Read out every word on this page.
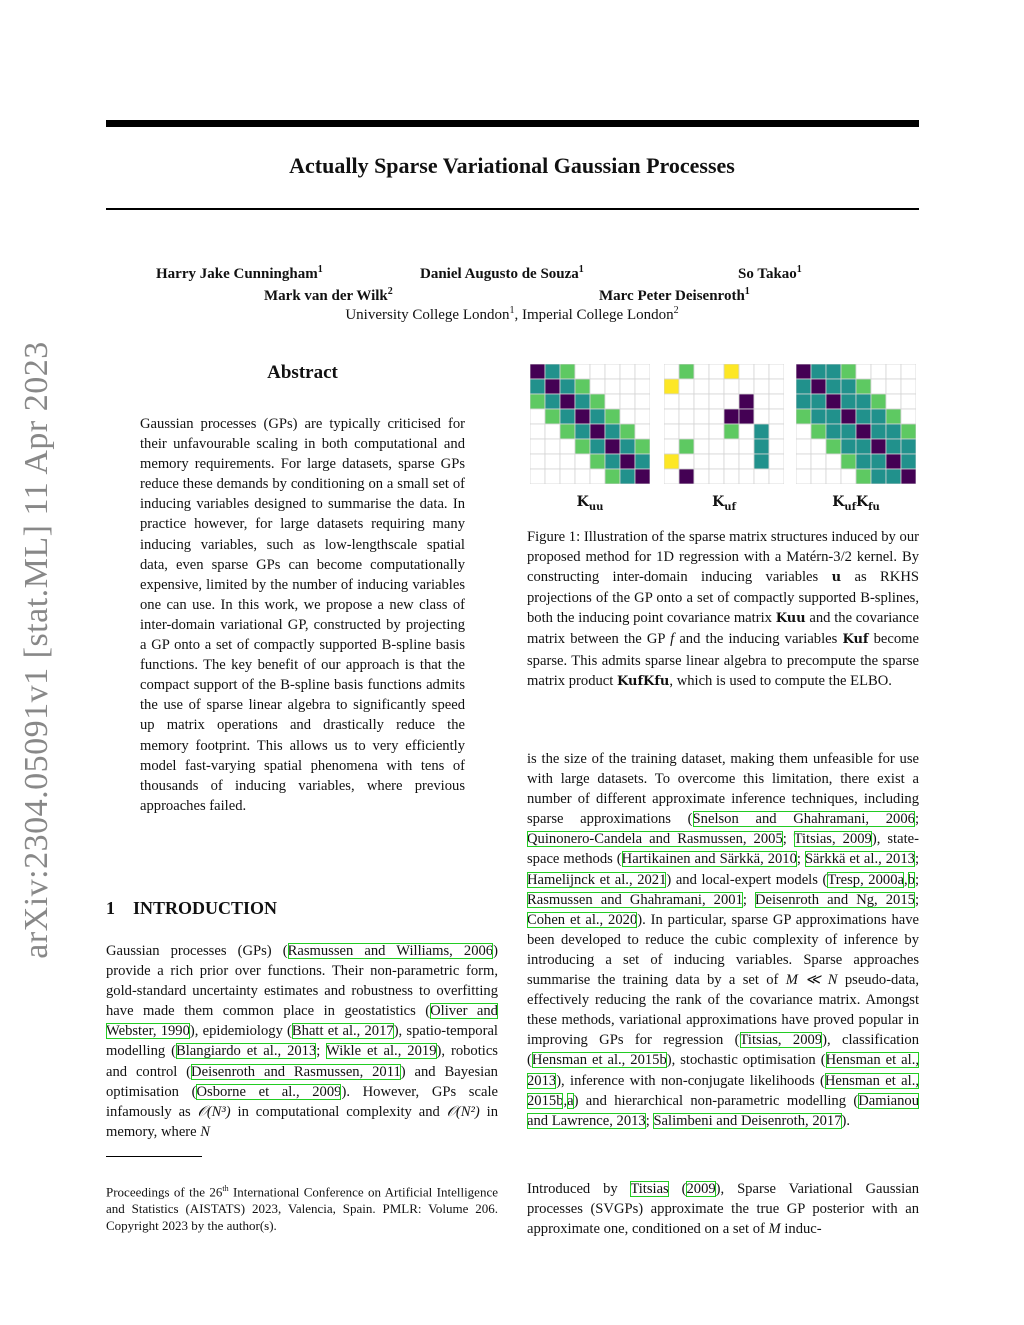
Actually Sparse Variational Gaussian Processes
Harry Jake Cunningham$^1$	Daniel Augusto de Souza$^1$	So Takao$^1$
Mark van der Wilk$^2$	Marc Peter Deisenroth$^1$
University College London$^1$, Imperial College London$^2$
arXiv:2304.05091v1 [stat.ML] 11 Apr 2023	Abstract
Gaussian processes (GPs) are typically criticised for their unfavourable scaling in both computational and memory requirements. For large datasets, sparse GPs reduce these demands by conditioning on a small set of inducing variables designed to summarise the data. In practice however, for large datasets requiring many inducing variables, such as low-lengthscale spatial data, even sparse GPs can become computationally expensive, limited by the number of inducing variables one can use. In this work, we propose a new class of inter-domain variational GP, constructed by projecting a GP onto a set of compactly supported B-spline basis functions. The key benefit of our approach is that the compact support of the B-spline basis functions admits the use of sparse linear algebra to significantly speed up matrix operations and drastically reduce the memory footprint. This allows us to very efficiently model fast-varying spatial phenomena with tens of thousands of inducing variables, where previous approaches failed.
1 INTRODUCTION
Gaussian processes (GPs) (Rasmussen and Williams, 2006) provide a rich prior over functions. Their non-parametric form, gold-standard uncertainty estimates and robustness to overfitting have made them common place in geostatistics (Oliver and Webster, 1990), epidemiology (Bhatt et al., 2017), spatio-temporal modelling (Blangiardo et al., 2013; Wikle et al., 2019), robotics and control (Deisenroth and Rasmussen, 2011) and Bayesian optimisation (Osborne et al., 2009). However, GPs scale infamously as 𝒪(N³) in computational complexity and 𝒪(N²) in memory, where N
Proceedings of the 26th International Conference on Artificial Intelligence and Statistics (AISTATS) 2023, Valencia, Spain. PMLR: Volume 206. Copyright 2023 by the author(s).
$K_{uu}$	$K_{uf}$	$K_{uf}K_{fu}$
Figure 1: Illustration of the sparse matrix structures induced by our proposed method for 1D regression with a Matérn-3/2 kernel. By constructing inter-domain inducing variables u as RKHS projections of the GP onto a set of compactly supported B-splines, both the inducing point covariance matrix Kuu and the covariance matrix between the GP f and the inducing variables Kuf become sparse. This admits sparse linear algebra to precompute the sparse matrix product KufKfu, which is used to compute the ELBO.
is the size of the training dataset, making them unfeasible for use with large datasets. To overcome this limitation, there exist a number of different approximate inference techniques, including sparse approximations (Snelson and Ghahramani, 2006; Quinonero-Candela and Rasmussen, 2005; Titsias, 2009), state-space methods (Hartikainen and Särkkä, 2010; Särkkä et al., 2013; Hamelijnck et al., 2021) and local-expert models (Tresp, 2000a,b; Rasmussen and Ghahramani, 2001; Deisenroth and Ng, 2015; Cohen et al., 2020). In particular, sparse GP approximations have been developed to reduce the cubic complexity of inference by introducing a set of inducing variables. Sparse approaches summarise the training data by a set of M ≪ N pseudo-data, effectively reducing the rank of the covariance matrix. Amongst these methods, variational approximations have proved popular in improving GPs for regression (Titsias, 2009), classification (Hensman et al., 2015b), stochastic optimisation (Hensman et al., 2013), inference with non-conjugate likelihoods (Hensman et al., 2015b,a) and hierarchical non-parametric modelling (Damianou and Lawrence, 2013; Salimbeni and Deisenroth, 2017).
Introduced by Titsias (2009), Sparse Variational Gaussian processes (SVGPs) approximate the true GP posterior with an approximate one, conditioned on a set of M induc-
